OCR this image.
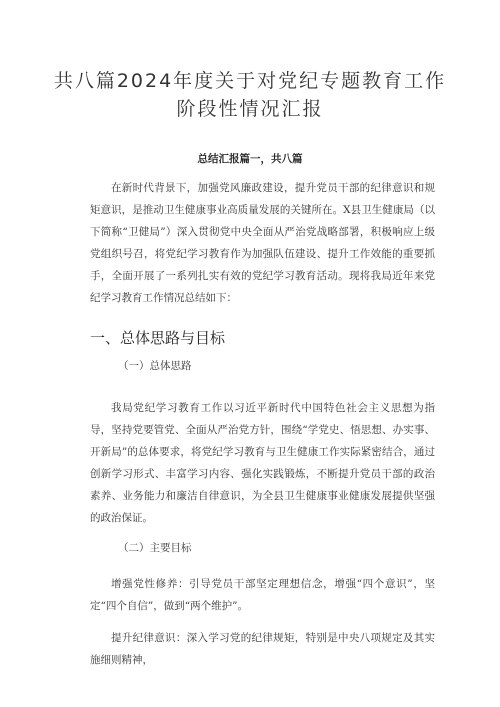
共八篇2024年度关于对党纪专题教育工作
阶段性情况汇报
总结汇报篇一，共八篇
在新时代背景下，加强党风廉政建设，提升党员干部的纪律意识和规矩意识，是推动卫生健康事业高质量发展的关键所在。X县卫生健康局（以下简称“卫健局”）深入贯彻党中央全面从严治党战略部署，积极响应上级党组织号召，将党纪学习教育作为加强队伍建设、提升工作效能的重要抓手，全面开展了一系列扎实有效的党纪学习教育活动。现将我局近年来党纪学习教育工作情况总结如下：
一、总体思路与目标
（一）总体思路
我局党纪学习教育工作以习近平新时代中国特色社会主义思想为指导，坚持党要管党、全面从严治党方针，围绕“学党史、悟思想、办实事、开新局”的总体要求，将党纪学习教育与卫生健康工作实际紧密结合，通过创新学习形式、丰富学习内容、强化实践锻炼，不断提升党员干部的政治素养、业务能力和廉洁自律意识，为全县卫生健康事业健康发展提供坚强的政治保证。
（二）主要目标
增强党性修养：引导党员干部坚定理想信念，增强“四个意识”，坚定“四个自信”，做到“两个维护”。
提升纪律意识：深入学习党的纪律规矩，特别是中央八项规定及其实施细则精神，
